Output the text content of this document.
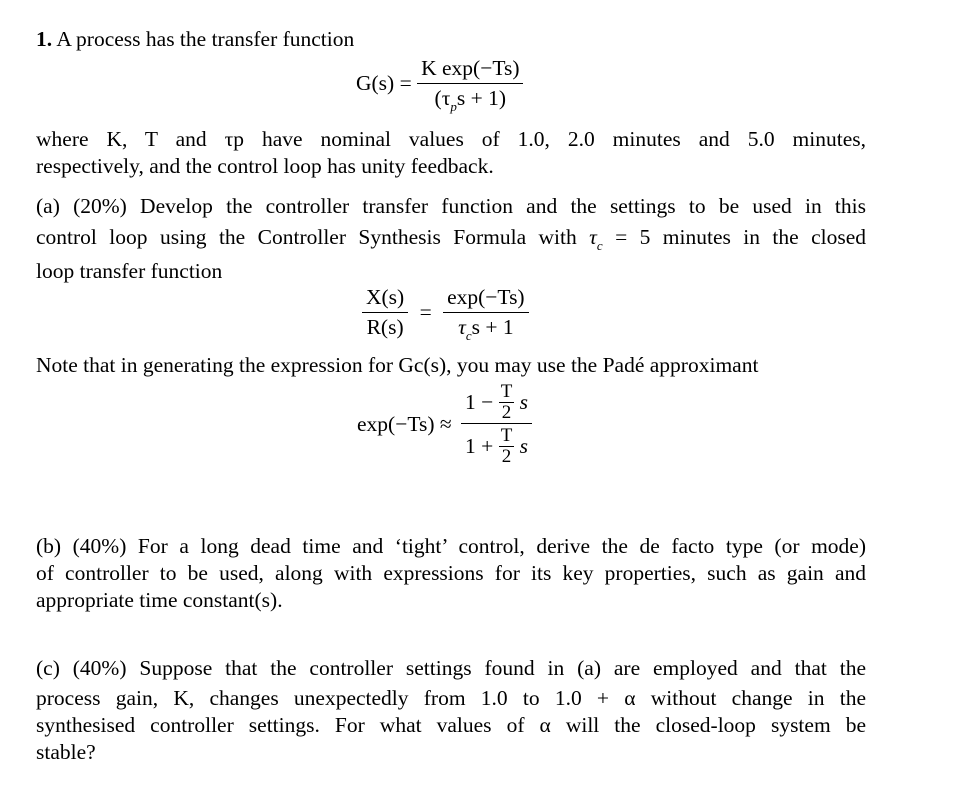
1. A process has the transfer function
$G(s) = \frac{\text{K exp(−Ts)}}{(\tau_ps + 1)}$
where K, T and τp have nominal values of 1.0, 2.0 minutes and 5.0 minutes,
respectively, and the control loop has unity feedback.
(a) (20%) Develop the controller transfer function and the settings to be used in this
control loop using the Controller Synthesis Formula with $\tau_c = 5$ minutes in the closed
loop transfer function
$\frac{X(s)}{R(s)} = \frac{\exp(-Ts)}{\tau_cs + 1}$
Note that in generating the expression for Gc(s), you may use the Padé approximant
$\exp(-Ts) \approx \frac{1 - \frac{T}{2} s}{1 + \frac{T}{2} s}$
(b) (40%) For a long dead time and ‘tight’ control, derive the de facto type (or mode)
of controller to be used, along with expressions for its key properties, such as gain and
appropriate time constant(s).
(c) (40%) Suppose that the controller settings found in (a) are employed and that the
process gain, K, changes unexpectedly from 1.0 to 1.0 + α without change in the
synthesised controller settings. For what values of α will the closed-loop system be
stable?
